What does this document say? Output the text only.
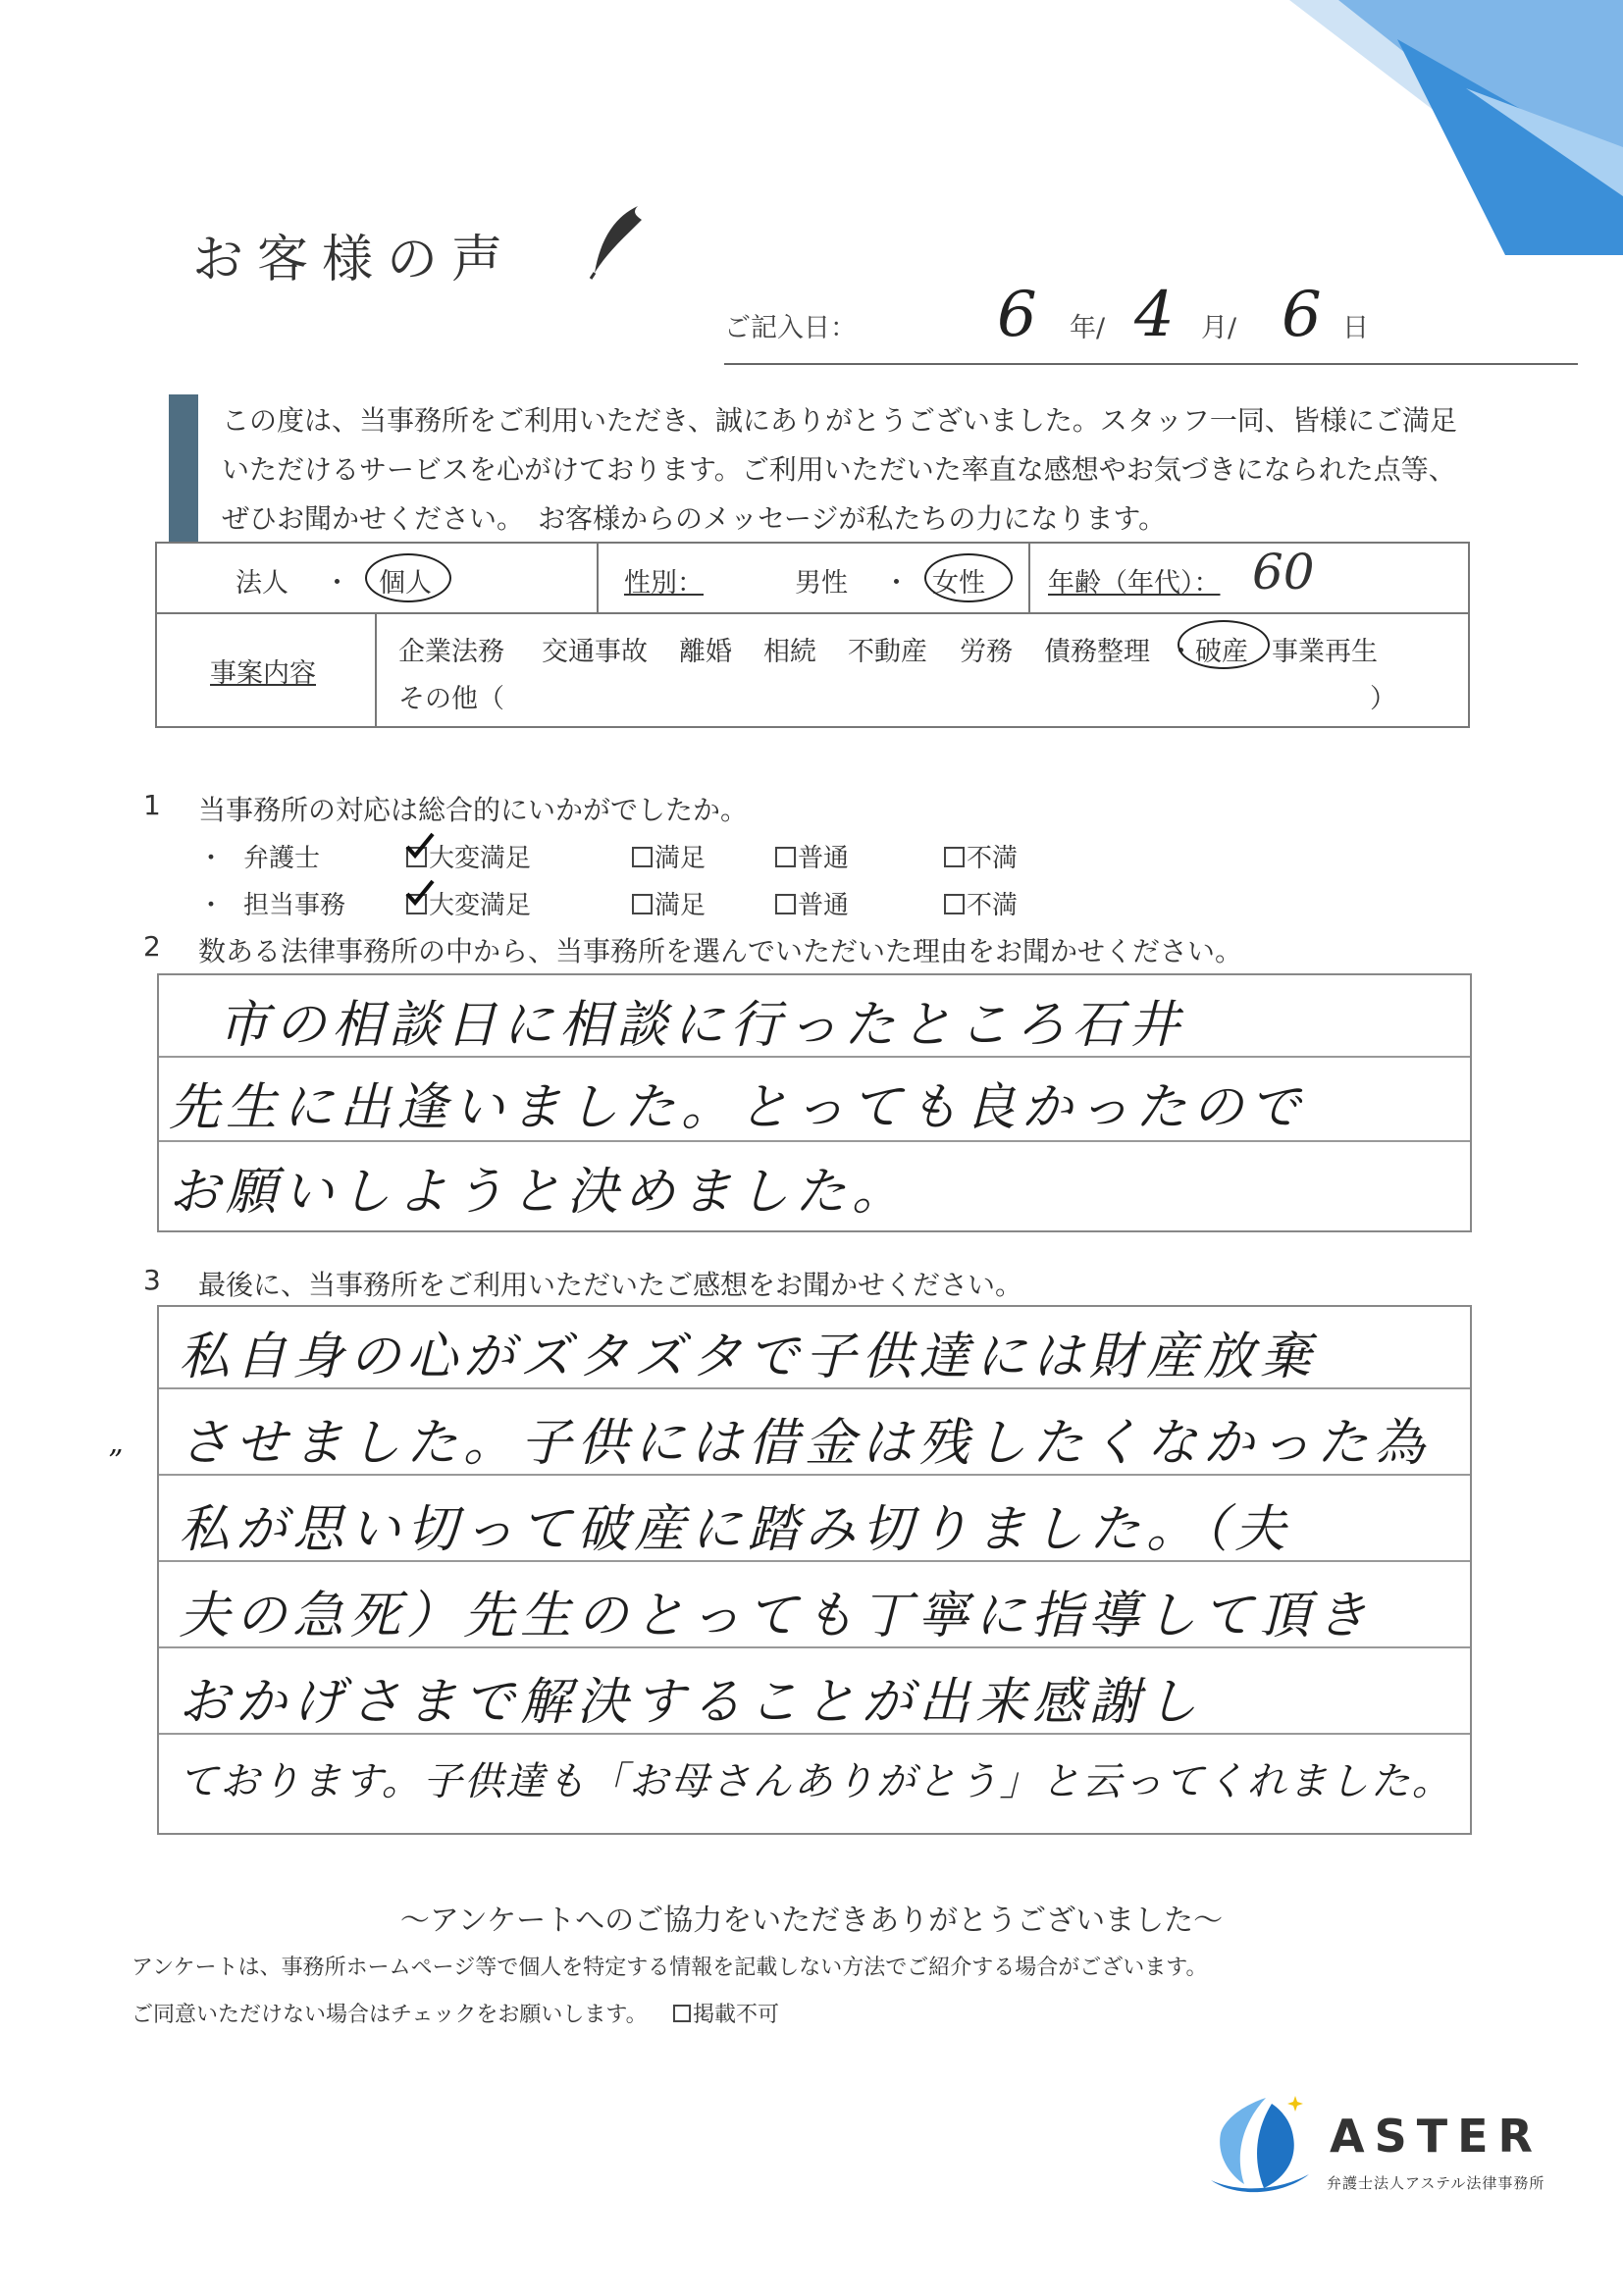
お客様の声
ご記入日： 6 年/ 4 月/ 6 日
この度は、当事務所をご利用いただき、誠にありがとうございました。スタッフ一同、皆様にご満足
いただけるサービスを心がけております。ご利用いただいた率直な感想やお気づきになられた点等、
ぜひお聞かせください。　お客様からのメッセージが私たちの力になります。
法人 ・ 個人	性別：	男性 ・ 女性 年齢（年代）： 60
事案内容
企業法務 交通事故 離婚 相続 不動産 労務 債務整理 ・ 破産 事業再生
その他（	）
1 当事務所の対応は総合的にいかがでしたか。
・ 弁護士	大変満足	満足	普通	不満
・ 担当事務	大変満足	満足	普通	不満
2 数ある法律事務所の中から、当事務所を選んでいただいた理由をお聞かせください。
市の相談日に相談に行ったところ石井
先生に出逢いました。とっても良かったので
お願いしようと決めました。
3 最後に、当事務所をご利用いただいたご感想をお聞かせください。
”
私自身の心がズタズタで子供達には財産放棄
させました。子供には借金は残したくなかった為
私が思い切って破産に踏み切りました。（夫
夫の急死）先生のとっても丁寧に指導して頂き
おかげさまで解決することが出来感謝し
ております。子供達も「お母さんありがとう」と云ってくれました。
〜アンケートへのご協力をいただきありがとうございました〜
アンケートは、事務所ホームページ等で個人を特定する情報を記載しない方法でご紹介する場合がございます。
ご同意いただけない場合はチェックをお願いします。	掲載不可
ASTER
弁護士法人アステル法律事務所
